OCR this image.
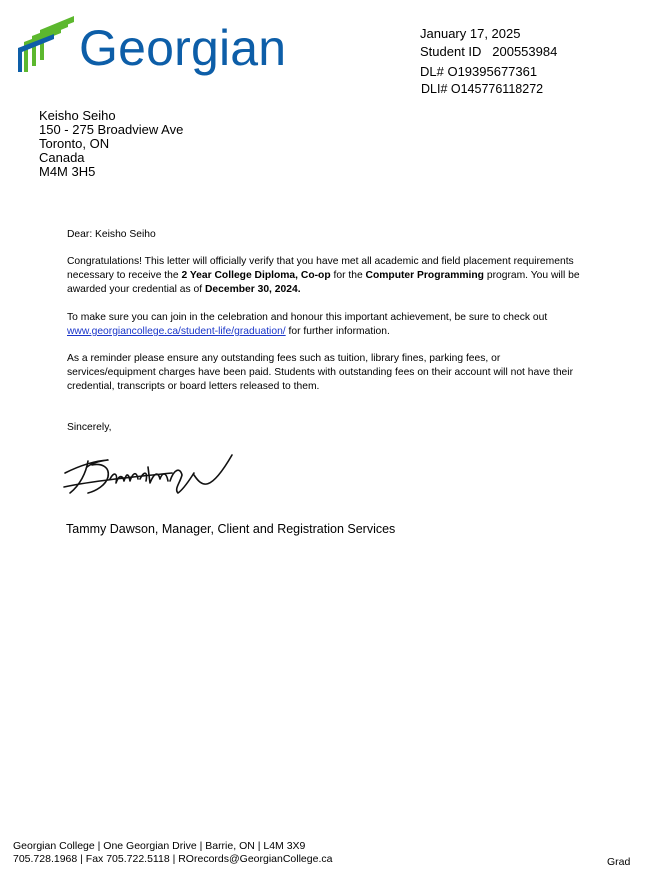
Georgian	January 17, 2025
Student ID   200553984
DL# O19395677361
DLI# O145776118272
Keisho Seiho
150 - 275 Broadview Ave
Toronto, ON
Canada
M4M 3H5
Dear: Keisho Seiho
Congratulations! This letter will officially verify that you have met all academic and field placement requirements necessary to receive the 2 Year College Diploma, Co-op for the Computer Programming program. You will be awarded your credential as of December 30, 2024.
To make sure you can join in the celebration and honour this important achievement, be sure to check out www.georgiancollege.ca/student-life/graduation/ for further information.
As a reminder please ensure any outstanding fees such as tuition, library fines, parking fees, or services/equipment charges have been paid. Students with outstanding fees on their account will not have their credential, transcripts or board letters released to them.
Sincerely,
Tammy Dawson, Manager, Client and Registration Services
Georgian College | One Georgian Drive | Barrie, ON | L4M 3X9
705.728.1968 | Fax 705.722.5118 | ROrecords@GeorgianCollege.ca	Grad
